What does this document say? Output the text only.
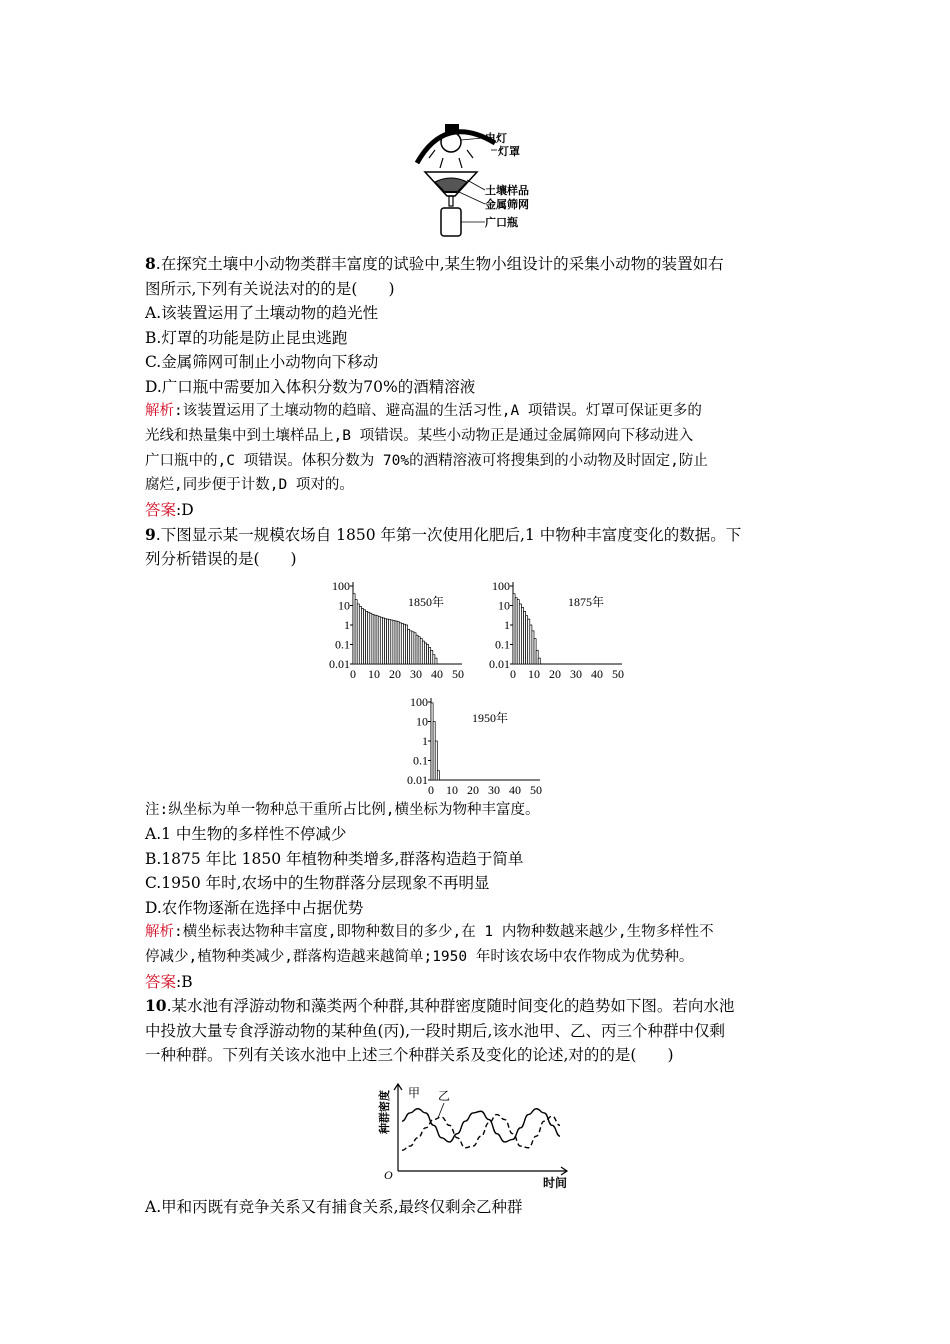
电灯
灯罩
土壤样品
金属筛网
广口瓶
8.在探究土壤中小动物类群丰富度的试验中,某生物小组设计的采集小动物的装置如右
图所示,下列有关说法对的的是(　　)
A.该装置运用了土壤动物的趋光性
B.灯罩的功能是防止昆虫逃跑
C.金属筛网可制止小动物向下移动
D.广口瓶中需要加入体积分数为70%的酒精溶液
解析:该装置运用了土壤动物的趋暗、避高温的生活习性,A 项错误。灯罩可保证更多的
光线和热量集中到土壤样品上,B 项错误。某些小动物正是通过金属筛网向下移动进入
广口瓶中的,C 项错误。体积分数为 70%的酒精溶液可将搜集到的小动物及时固定,防止
腐烂,同步便于计数,D 项对的。
答案:D
9.下图显示某一规模农场自 1850 年第一次使用化肥后,1 中物种丰富度变化的数据。下
列分析错误的是(　　)
100
10
1
0.1
0.01
0 10 20 30 40 50
1850年
100
10
1
0.1
0.01
0 10 20 30 40 50
1875年
100
10
1
0.1
0.01
0 10 20 30 40 50
1950年
注:纵坐标为单一物种总干重所占比例,横坐标为物种丰富度。
A.1 中生物的多样性不停减少
B.1875 年比 1850 年植物种类增多,群落构造趋于简单
C.1950 年时,农场中的生物群落分层现象不再明显
D.农作物逐渐在选择中占据优势
解析:横坐标表达物种丰富度,即物种数目的多少,在 1 内物种数越来越少,生物多样性不
停减少,植物种类减少,群落构造越来越简单;1950 年时该农场中农作物成为优势种。
答案:B
10.某水池有浮游动物和藻类两个种群,其种群密度随时间变化的趋势如下图。若向水池
中投放大量专食浮游动物的某种鱼(丙),一段时期后,该水池甲、乙、丙三个种群中仅剩
一种种群。下列有关该水池中上述三个种群关系及变化的论述,对的的是(　　)
种群密度
时间
O
甲 乙
A.甲和丙既有竞争关系又有捕食关系,最终仅剩余乙种群
